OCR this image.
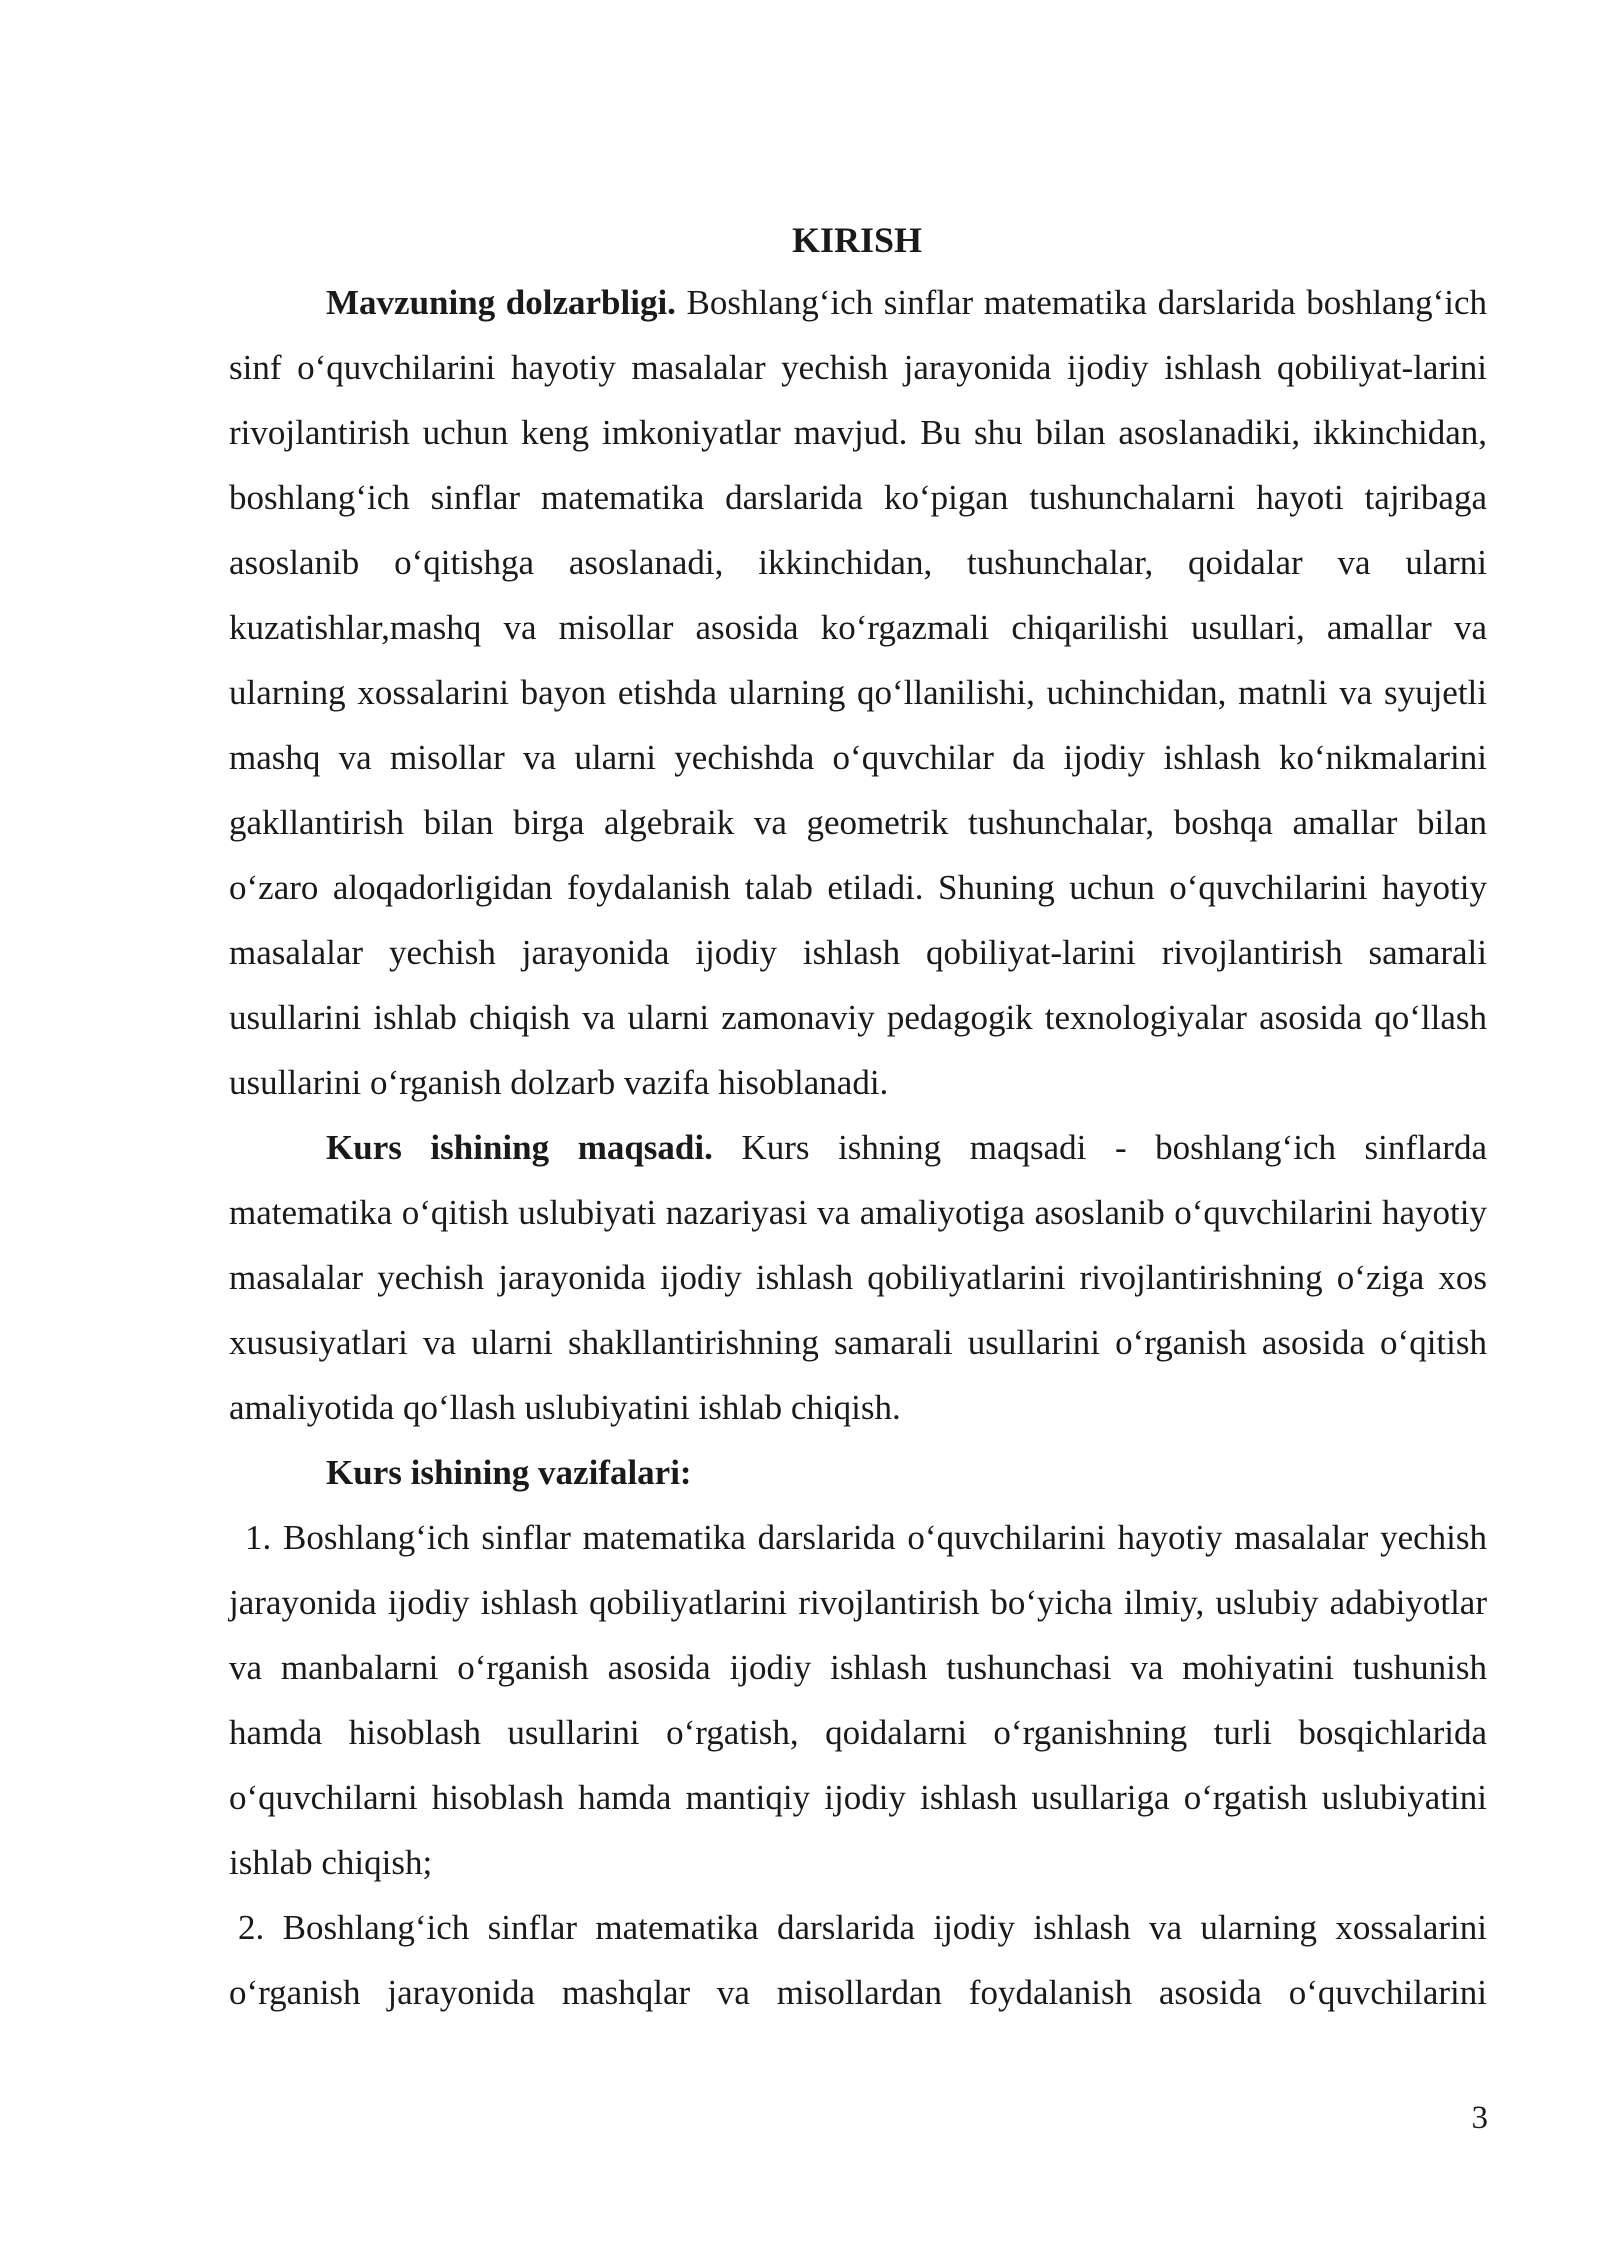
KIRISH

Mavzuning dolzarbligi. Boshlang‘ich sinflar matematika darslarida boshlang‘ich sinf o‘quvchilarini hayotiy masalalar yechish jarayonida ijodiy ishlash qobiliyat-larini rivojlantirish uchun keng imkoniyatlar mavjud. Bu shu bilan asoslanadiki, ikkinchidan, boshlang‘ich sinflar matematika darslarida ko‘pigan tushunchalarni hayoti tajribaga asoslanib o‘qitishga asoslanadi, ikkinchidan, tushunchalar, qoidalar va ularni kuzatishlar,mashq va misollar asosida ko‘rgazmali chiqarilishi usullari, amallar va ularning xossalarini bayon etishda ularning qo‘llanilishi, uchinchidan, matnli va syujetli mashq va misollar va ularni yechishda o‘quvchilar da ijodiy ishlash ko‘nikmalarini gakllantirish bilan birga algebraik va geometrik tushunchalar, boshqa amallar bilan o‘zaro aloqadorligidan foydalanish talab etiladi. Shuning uchun o‘quvchilarini hayotiy masalalar yechish jarayonida ijodiy ishlash qobiliyat-larini rivojlantirish samarali usullarini ishlab chiqish va ularni zamonaviy pedagogik texnologiyalar asosida qo‘llash usullarini o‘rganish dolzarb vazifa hisoblanadi.

Kurs ishining maqsadi. Kurs ishning maqsadi - boshlang‘ich sinflarda matematika o‘qitish uslubiyati nazariyasi va amaliyotiga asoslanib o‘quvchilarini hayotiy masalalar yechish jarayonida ijodiy ishlash qobiliyatlarini rivojlantirishning o‘ziga xos xususiyatlari va ularni shakllantirishning samarali usullarini o‘rganish asosida o‘qitish amaliyotida qo‘llash uslubiyatini ishlab chiqish.

Kurs ishining vazifalari:

1. Boshlang‘ich sinflar matematika darslarida o‘quvchilarini hayotiy masalalar yechish jarayonida ijodiy ishlash qobiliyatlarini rivojlantirish bo‘yicha ilmiy, uslubiy adabiyotlar va manbalarni o‘rganish asosida ijodiy ishlash tushunchasi va mohiyatini tushunish hamda hisoblash usullarini o‘rgatish, qoidalarni o‘rganishning turli bosqichlarida o‘quvchilarni hisoblash hamda mantiqiy ijodiy ishlash usullariga o‘rgatish uslubiyatini ishlab chiqish;

2. Boshlang‘ich sinflar matematika darslarida ijodiy ishlash va ularning xossalarini o‘rganish jarayonida mashqlar va misollardan foydalanish asosida o‘quvchilarini

3
